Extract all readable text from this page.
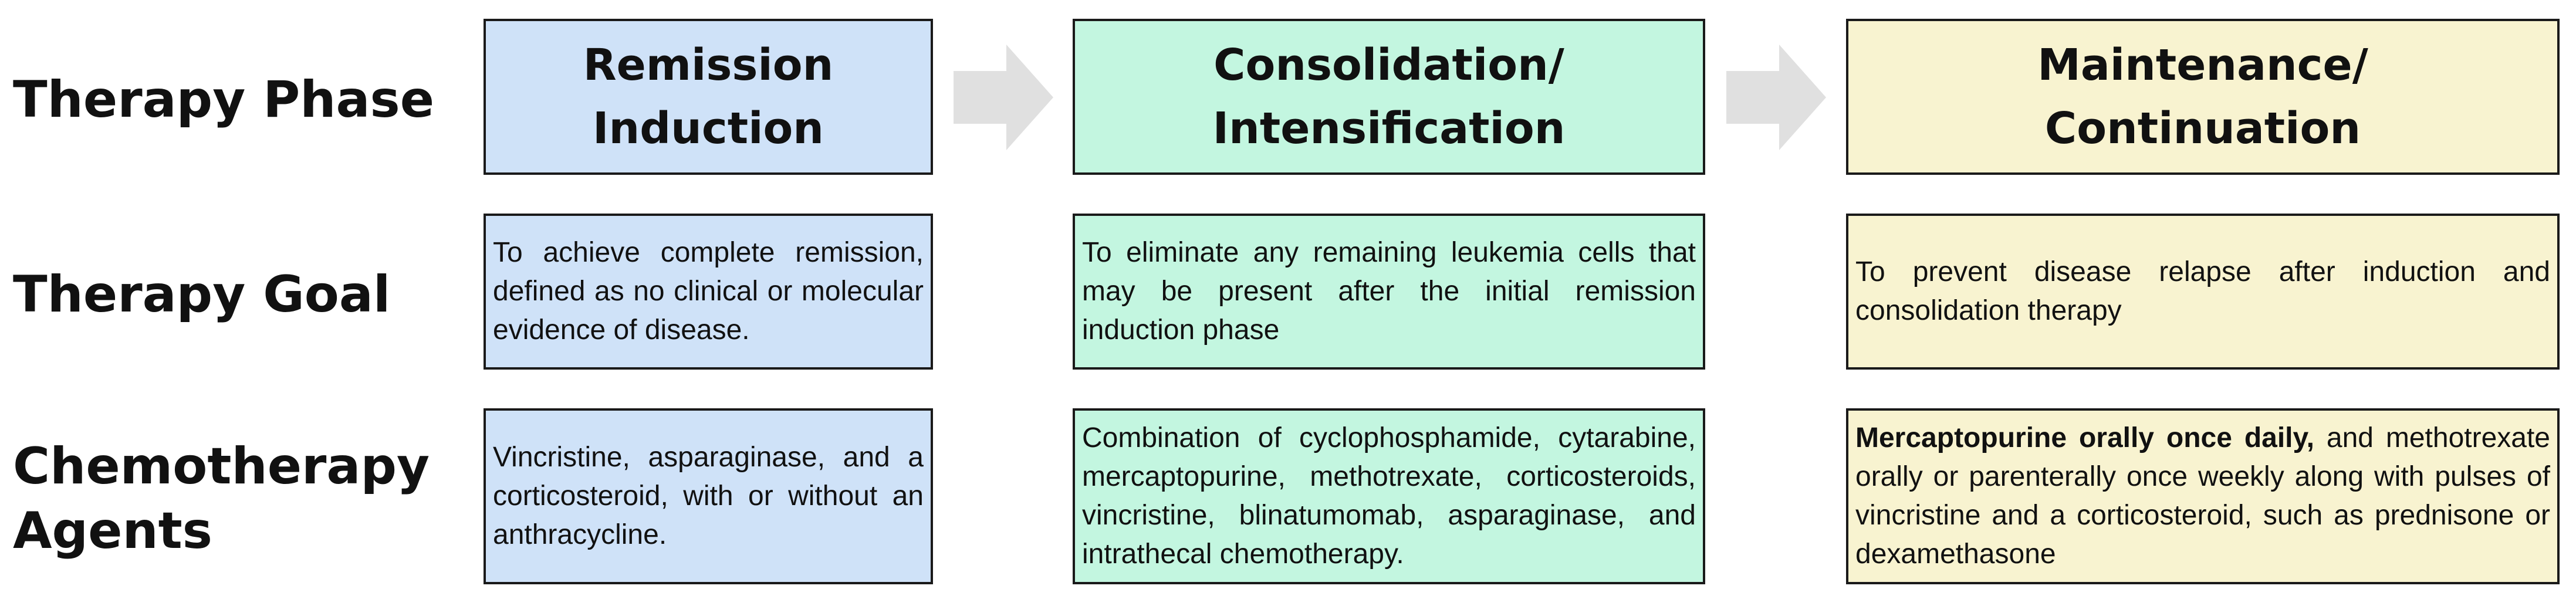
Therapy Phase
Therapy Goal
Chemotherapy Agents
Remission Induction
Consolidation/ Intensification
Maintenance/ Continuation
To achieve complete remission, defined as no clinical or molecular evidence of disease.
To eliminate any remaining leukemia cells that may be present after the initial remission induction phase
To prevent disease relapse after induction and consolidation therapy
Vincristine, asparaginase, and a corticosteroid, with or without an anthracycline.
Combination of cyclophosphamide, cytarabine, mercaptopurine, methotrexate, corticosteroids, vincristine, blinatumomab, asparaginase, and intrathecal chemotherapy.
Mercaptopurine orally once daily, and methotrexate orally or parenterally once weekly along with pulses of vincristine and a corticosteroid, such as prednisone or dexamethasone
